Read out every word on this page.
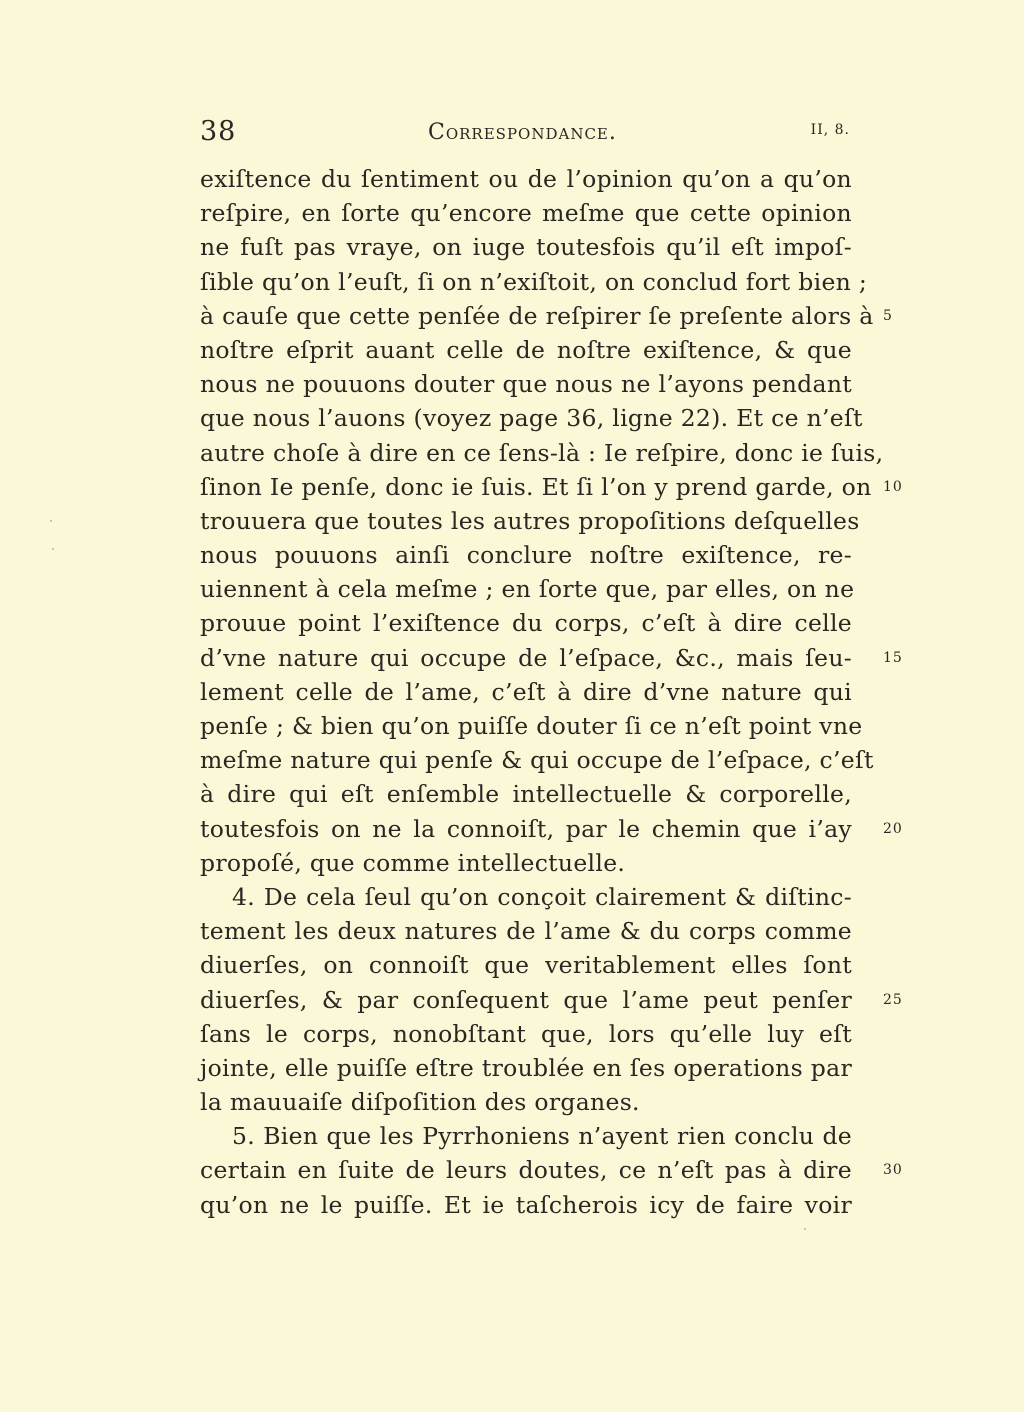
38	Correspondance.	II, 8.
exiſtence du ſentiment ou de l’opinion qu’on a qu’on
reſpire, en ſorte qu’encore meſme que cette opinion
ne fuſt pas vraye, on iuge toutesfois qu’il eſt impoſ-
ſible qu’on l’euſt, ſi on n’exiſtoit, on conclud fort bien ;
à cauſe que cette penſée de reſpirer ſe preſente alors à 5
noſtre eſprit auant celle de noſtre exiſtence, & que
nous ne pouuons douter que nous ne l’ayons pendant
que nous l’auons (voyez page 36, ligne 22). Et ce n’eſt
autre choſe à dire en ce ſens-là : Ie reſpire, donc ie ſuis,
ſinon Ie penſe, donc ie ſuis. Et ſi l’on y prend garde, on 10
trouuera que toutes les autres propoſitions deſquelles
nous pouuons ainſi conclure noſtre exiſtence, re-
uiennent à cela meſme ; en ſorte que, par elles, on ne
prouue point l’exiſtence du corps, c’eſt à dire celle
d’vne nature qui occupe de l’eſpace, &c., mais ſeu- 15
lement celle de l’ame, c’eſt à dire d’vne nature qui
penſe ; & bien qu’on puiſſe douter ſi ce n’eſt point vne
meſme nature qui penſe & qui occupe de l’eſpace, c’eſt
à dire qui eſt enſemble intellectuelle & corporelle,
toutesfois on ne la connoiſt, par le chemin que i’ay 20
propoſé, que comme intellectuelle.
4. De cela ſeul qu’on conçoit clairement & diſtinc-
tement les deux natures de l’ame & du corps comme
diuerſes, on connoiſt que veritablement elles ſont
diuerſes, & par conſequent que l’ame peut penſer 25
ſans le corps, nonobſtant que, lors qu’elle luy eſt
jointe, elle puiſſe eſtre troublée en ſes operations par
la mauuaiſe diſpoſition des organes.
5. Bien que les Pyrrhoniens n’ayent rien conclu de
certain en ſuite de leurs doutes, ce n’eſt pas à dire 30
qu’on ne le puiſſe. Et ie taſcherois icy de faire voir
